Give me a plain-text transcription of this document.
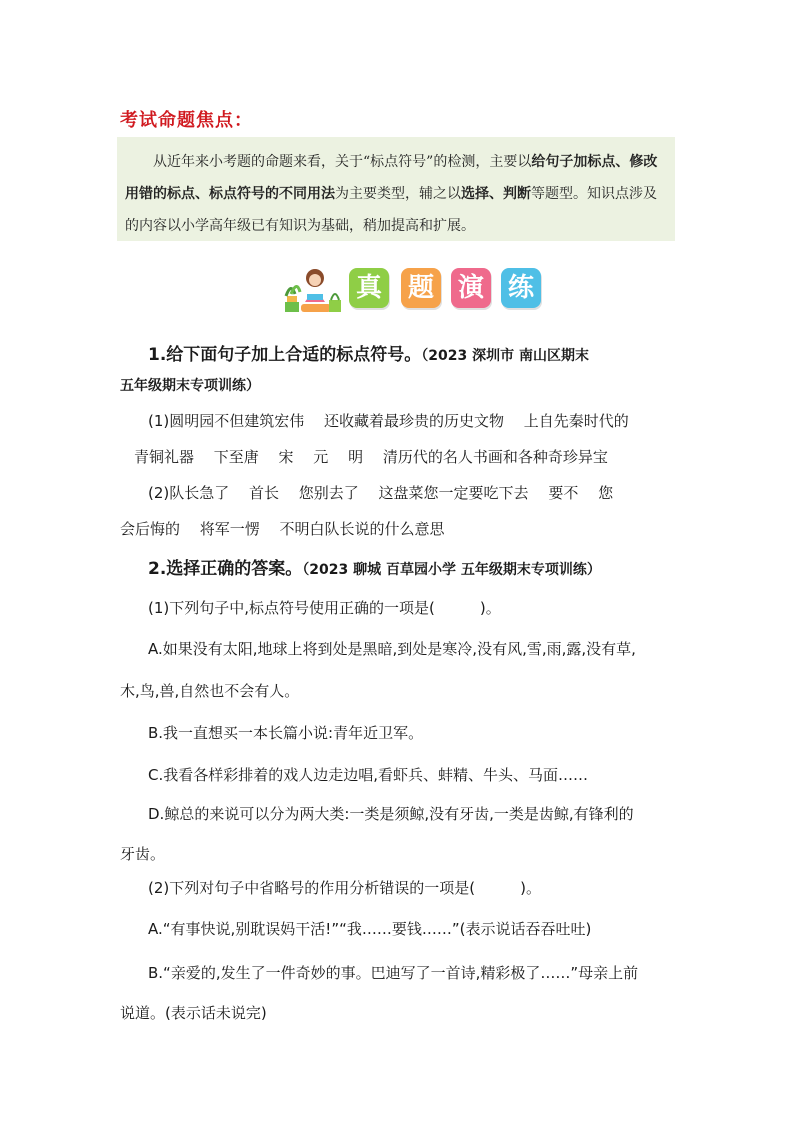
考试命题焦点：
从近年来小考题的命题来看，关于“标点符号”的检测，主要以给句子加标点、修改用错的标点、标点符号的不同用法为主要类型，辅之以选择、判断等题型。知识点涉及的内容以小学高年级已有知识为基础，稍加提高和扩展。
真 题 演 练
1.给下面句子加上合适的标点符号。（2023 深圳市 南山区期末
五年级期末专项训练）
(1)圆明园不但建筑宏伟　 还收藏着最珍贵的历史文物　 上自先秦时代的
青铜礼器　 下至唐　 宋　 元　 明　 清历代的名人书画和各种奇珍异宝
(2)队长急了　 首长　 您别去了　 这盘菜您一定要吃下去　 要不　 您
会后悔的　 将军一愣　 不明白队长说的什么意思
2.选择正确的答案。（2023 聊城 百草园小学 五年级期末专项训练）
(1)下列句子中,标点符号使用正确的一项是(　　　)。
A.如果没有太阳,地球上将到处是黑暗,到处是寒冷,没有风,雪,雨,露,没有草,
木,鸟,兽,自然也不会有人。
B.我一直想买一本长篇小说:青年近卫军。
C.我看各样彩排着的戏人边走边唱,看虾兵、蚌精、牛头、马面……
D.鲸总的来说可以分为两大类:一类是须鲸,没有牙齿,一类是齿鲸,有锋利的
牙齿。
(2)下列对句子中省略号的作用分析错误的一项是(　　　)。
A.“有事快说,别耽误妈干活!”“我……要钱……”(表示说话吞吞吐吐)
B.“亲爱的,发生了一件奇妙的事。巴迪写了一首诗,精彩极了……”母亲上前
说道。(表示话未说完)
